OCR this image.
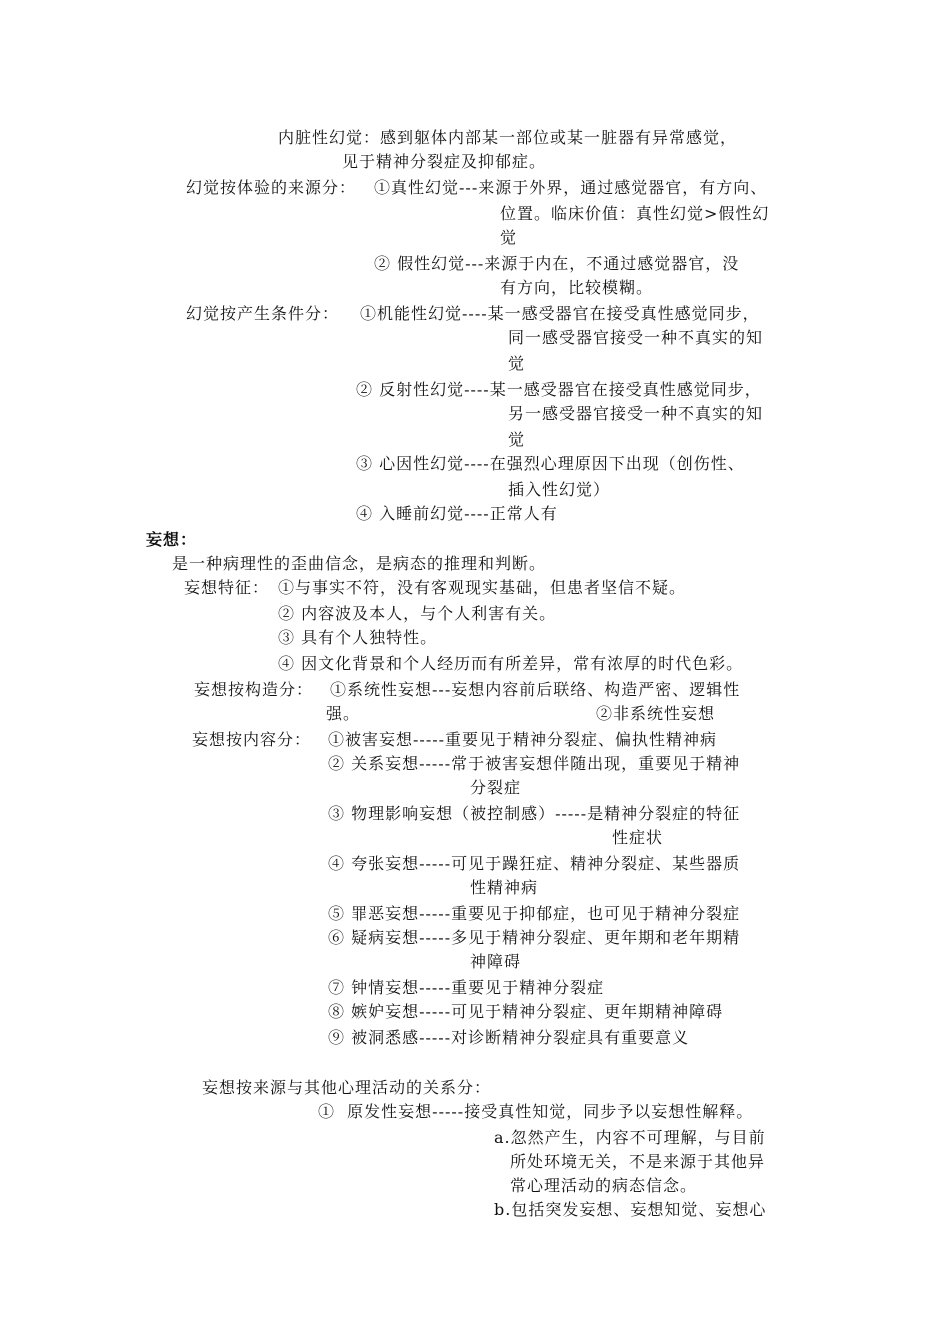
内脏性幻觉：感到躯体内部某一部位或某一脏器有异常感觉，
见于精神分裂症及抑郁症。
幻觉按体验的来源分： ①真性幻觉---来源于外界，通过感觉器官，有方向、
位置。临床价值：真性幻觉>假性幻
觉
② 假性幻觉---来源于内在，不通过感觉器官，没
有方向，比较模糊。
幻觉按产生条件分： ①机能性幻觉----某一感受器官在接受真性感觉同步，
同一感受器官接受一种不真实的知
觉
② 反射性幻觉----某一感受器官在接受真性感觉同步，
另一感受器官接受一种不真实的知
觉
③ 心因性幻觉----在强烈心理原因下出现（创伤性、
插入性幻觉）
④ 入睡前幻觉----正常人有
妄想：
是一种病理性的歪曲信念，是病态的推理和判断。
妄想特征： ①与事实不符，没有客观现实基础，但患者坚信不疑。
② 内容波及本人，与个人利害有关。
③ 具有个人独特性。
④ 因文化背景和个人经历而有所差异，常有浓厚的时代色彩。
妄想按构造分： ①系统性妄想---妄想内容前后联络、构造严密、逻辑性
强。	②非系统性妄想
妄想按内容分： ①被害妄想-----重要见于精神分裂症、偏执性精神病
② 关系妄想-----常于被害妄想伴随出现，重要见于精神
分裂症
③ 物理影响妄想（被控制感）-----是精神分裂症的特征
性症状
④ 夸张妄想-----可见于躁狂症、精神分裂症、某些器质
性精神病
⑤ 罪恶妄想-----重要见于抑郁症，也可见于精神分裂症
⑥ 疑病妄想-----多见于精神分裂症、更年期和老年期精
神障碍
⑦ 钟情妄想-----重要见于精神分裂症
⑧ 嫉妒妄想-----可见于精神分裂症、更年期精神障碍
⑨ 被洞悉感-----对诊断精神分裂症具有重要意义
妄想按来源与其他心理活动的关系分：
①  原发性妄想-----接受真性知觉，同步予以妄想性解释。
a.忽然产生，内容不可理解，与目前
所处环境无关，不是来源于其他异
常心理活动的病态信念。
b.包括突发妄想、妄想知觉、妄想心
